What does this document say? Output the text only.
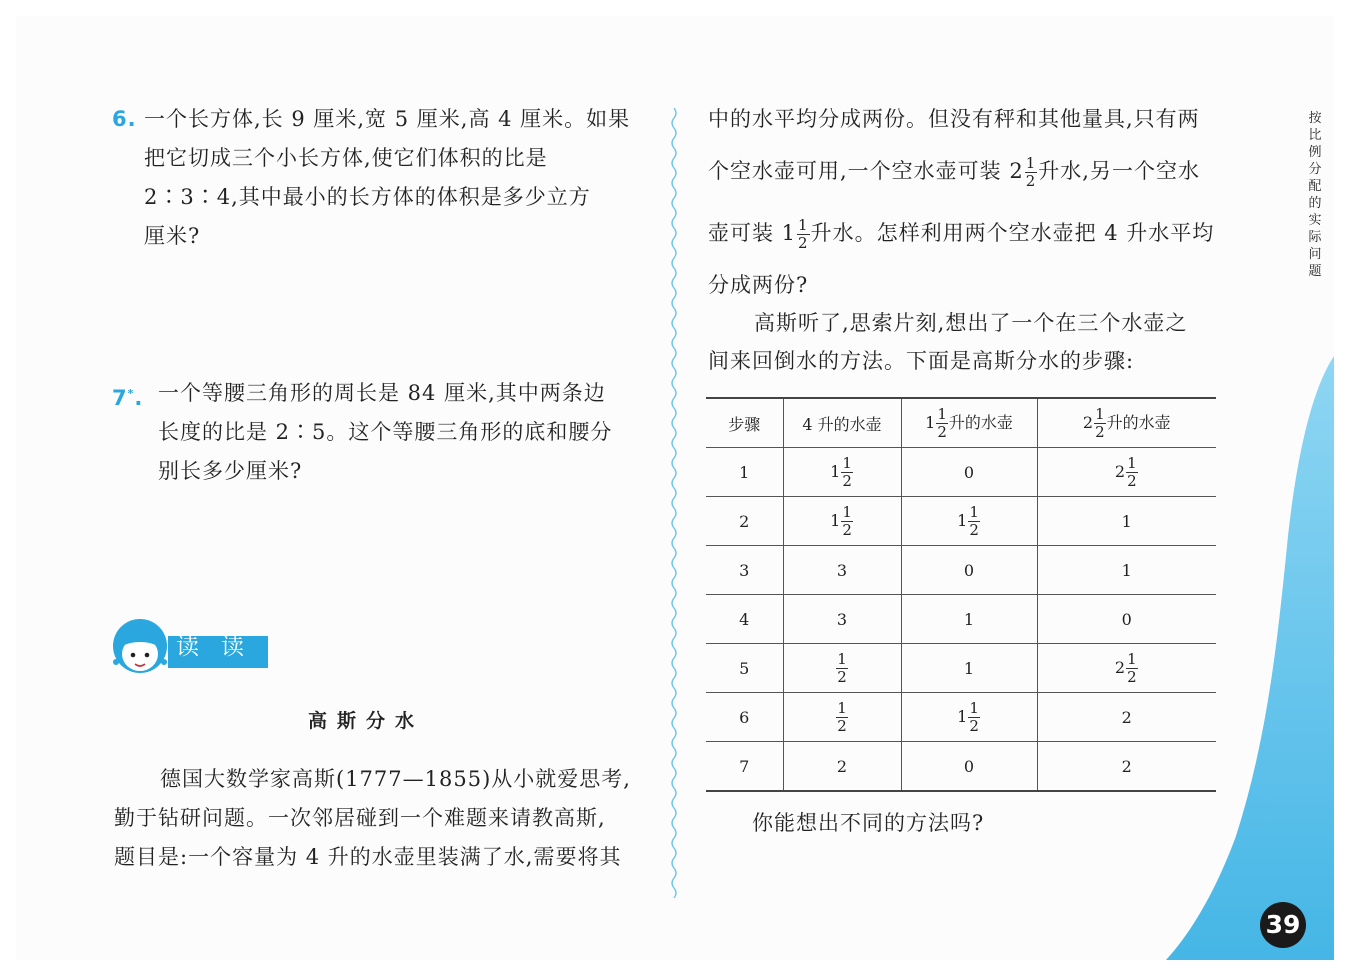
6. 一个长方体,长 9 厘米,宽 5 厘米,高 4 厘米。如果
把它切成三个小长方体,使它们体积的比是
2∶3∶4,其中最小的长方体的体积是多少立方
厘米?
7*. 一个等腰三角形的周长是 84 厘米,其中两条边
长度的比是 2∶5。这个等腰三角形的底和腰分
别长多少厘米?
读读
高斯分水
德国大数学家高斯(1777—1855)从小就爱思考,
勤于钻研问题。一次邻居碰到一个难题来请教高斯,
题目是:一个容量为 4 升的水壶里装满了水,需要将其
中的水平均分成两份。但没有秤和其他量具,只有两
个空水壶可用,一个空水壶可装 $2 \frac{1}{2}$ 升水,另一个空水
壶可装 $1 \frac{1}{2}$ 升水。怎样利用两个空水壶把 4 升水平均
分成两份?
高斯听了,思索片刻,想出了一个在三个水壶之
间来回倒水的方法。下面是高斯分水的步骤:
步骤	4 升的水壶	$1 \frac{1}{2}$ 升的水壶	$2 \frac{1}{2}$ 升的水壶
1	$1 \frac{1}{2}$	0	$2 \frac{1}{2}$

2	$1 \frac{1}{2}$	$1 \frac{1}{2}$	1
3	3	0	1
4	3	1	0
5	$\frac{1}{2}$	1	$2 \frac{1}{2}$

6	$\frac{1}{2}$	$1 \frac{1}{2}$	2
7	2	0	2
你能想出不同的方法吗?
按比例分配的实际问题
39
